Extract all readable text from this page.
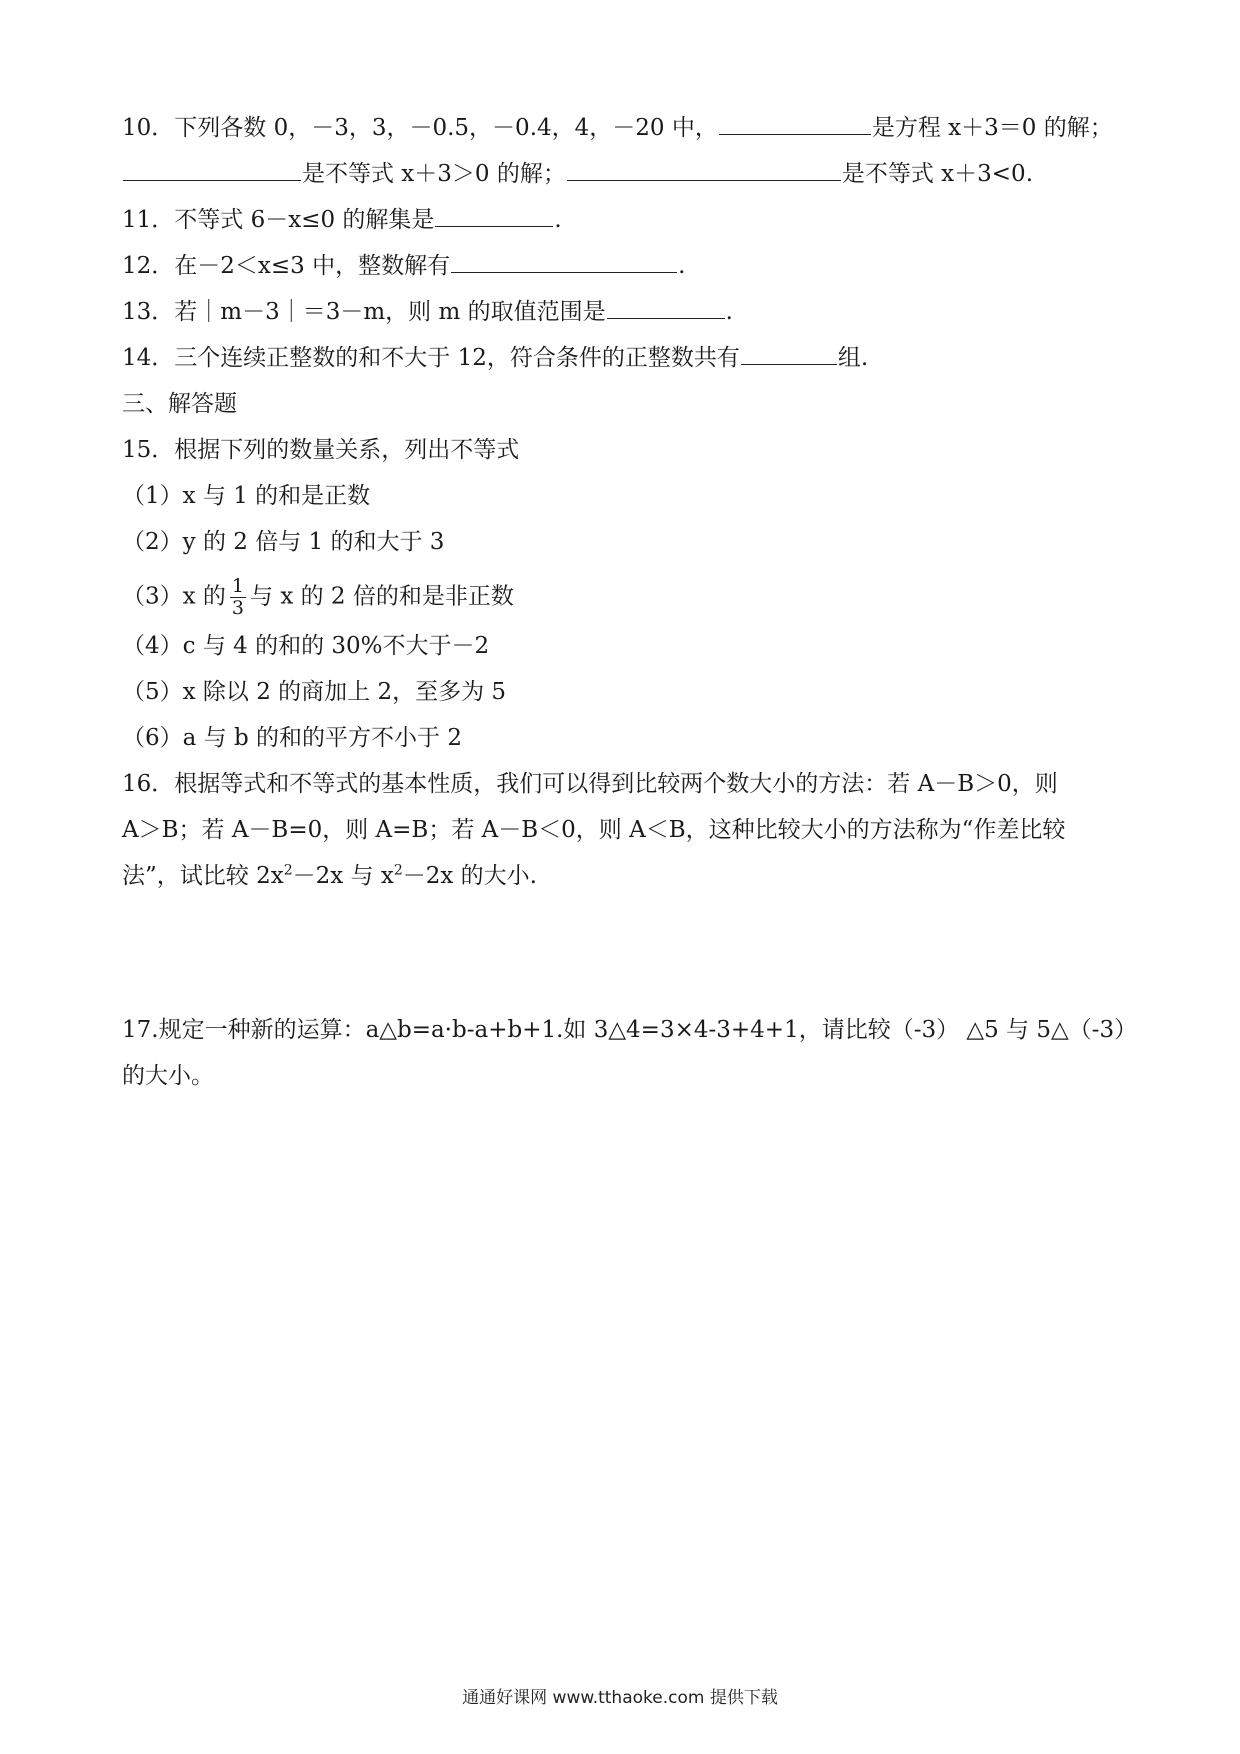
10．下列各数 0，－3，3，－0.5，－0.4，4，－20 中，	是方程 x＋3＝0 的解；
是不等式 x＋3＞0 的解；	是不等式 x＋3<0.
11．不等式 6－x≤0 的解集是	.
12．在－2＜x≤3 中，整数解有	.
13．若｜m－3｜＝3－m，则 m 的取值范围是	.
14．三个连续正整数的和不大于 12，符合条件的正整数共有	组.
三、解答题
15．根据下列的数量关系，列出不等式
（1）x 与 1 的和是正数
（2）y 的 2 倍与 1 的和大于 3
（3）x 的 $\frac{1}{3}$ 与 x 的 2 倍的和是非正数
（4）c 与 4 的和的 30%不大于－2
（5）x 除以 2 的商加上 2，至多为 5
（6）a 与 b 的和的平方不小于 2
16．根据等式和不等式的基本性质，我们可以得到比较两个数大小的方法：若 A－B＞0，则
A＞B；若 A－B=0，则 A=B；若 A－B＜0，则 A＜B，这种比较大小的方法称为“作差比较
法”，试比较 $2x^2-2x$ 与 $x^2-2x$ 的大小.
17.规定一种新的运算：a△b=a·b-a+b+1.如 3△4=3×4-3+4+1，请比较（-3） △5 与 5△（-3）
的大小。
通通好课网 www.tthaoke.com 提供下载
